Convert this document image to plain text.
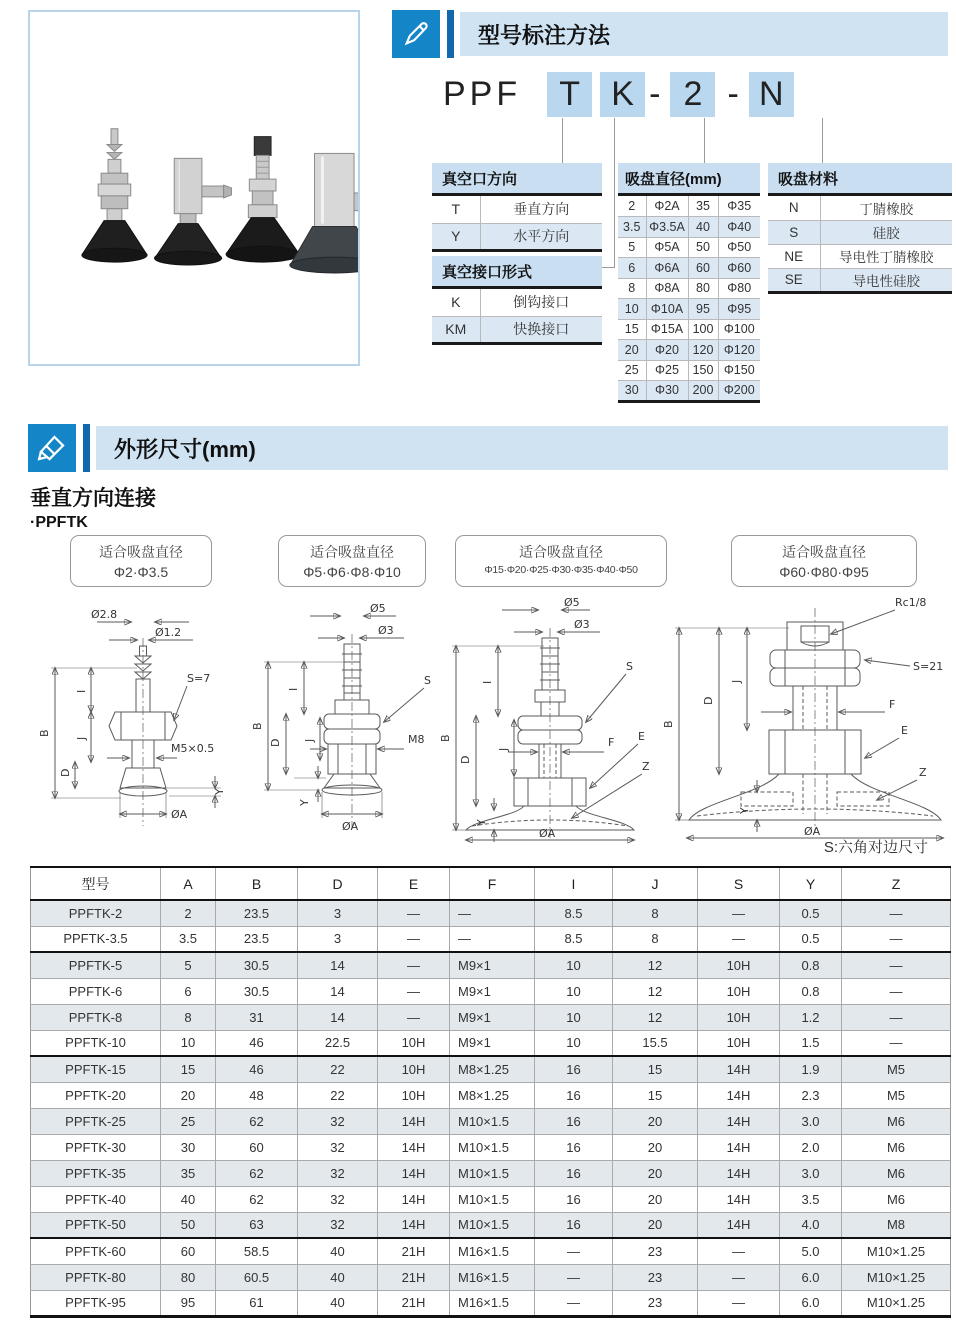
型号标注方法
PPF	T K - 2 - N
真空口方向
T	垂直方向
Y	水平方向
真空接口形式
K	倒钩接口
KM	快换接口
吸盘直径(mm)
2	Φ2A	35	Φ35
3.5	Φ3.5A	40	Φ40
5	Φ5A	50	Φ50
6	Φ6A	60	Φ60
8	Φ8A	80	Φ80
10	Φ10A	95	Φ95
15	Φ15A	100	Φ100
20	Φ20	120	Φ120
25	Φ25	150	Φ150
30	Φ30	200	Φ200
吸盘材料
N	丁腈橡胶
S	硅胶
NE	导电性丁腈橡胶
SE	导电性硅胶
外形尺寸(mm)
垂直方向连接
·PPFTK
适合吸盘直径
Φ2·Φ3.5
适合吸盘直径
Φ5·Φ6·Φ8·Φ10
适合吸盘直径
Φ15·Φ20·Φ25·Φ30·Φ35·Φ40·Φ50
适合吸盘直径
Φ60·Φ80·Φ95
Ø2.8
Ø1.2
B
I
J
D
Y
ØA
S=7
M5×0.5
Ø5
Ø3
B
I
D J
S
M8
Y
ØA
Ø5
Ø3
B
I
D
J
S
F E
Z
Y
ØA
Rc1/8
S=21
B
D
J
F
E
Z
Y
ØA
S:六角对边尺寸
型号	A	B	D	E	F	I	J	S	Y	Z
PPFTK-2	2	23.5	3	—	—	8.5	8	—	0.5	—
PPFTK-3.5	3.5	23.5	3	—	—	8.5	8	—	0.5	—
PPFTK-5	5	30.5	14	—	M9×1	10	12	10H	0.8	—
PPFTK-6	6	30.5	14	—	M9×1	10	12	10H	0.8	—
PPFTK-8	8	31	14	—	M9×1	10	12	10H	1.2	—
PPFTK-10	10	46	22.5	10H	M9×1	10	15.5	10H	1.5	—
PPFTK-15	15	46	22	10H	M8×1.25	16	15	14H	1.9	M5
PPFTK-20	20	48	22	10H	M8×1.25	16	15	14H	2.3	M5
PPFTK-25	25	62	32	14H	M10×1.5	16	20	14H	3.0	M6
PPFTK-30	30	60	32	14H	M10×1.5	16	20	14H	2.0	M6
PPFTK-35	35	62	32	14H	M10×1.5	16	20	14H	3.0	M6
PPFTK-40	40	62	32	14H	M10×1.5	16	20	14H	3.5	M6
PPFTK-50	50	63	32	14H	M10×1.5	16	20	14H	4.0	M8
PPFTK-60	60	58.5	40	21H	M16×1.5	—	23	—	5.0	M10×1.25
PPFTK-80	80	60.5	40	21H	M16×1.5	—	23	—	6.0	M10×1.25
PPFTK-95	95	61	40	21H	M16×1.5	—	23	—	6.0	M10×1.25
